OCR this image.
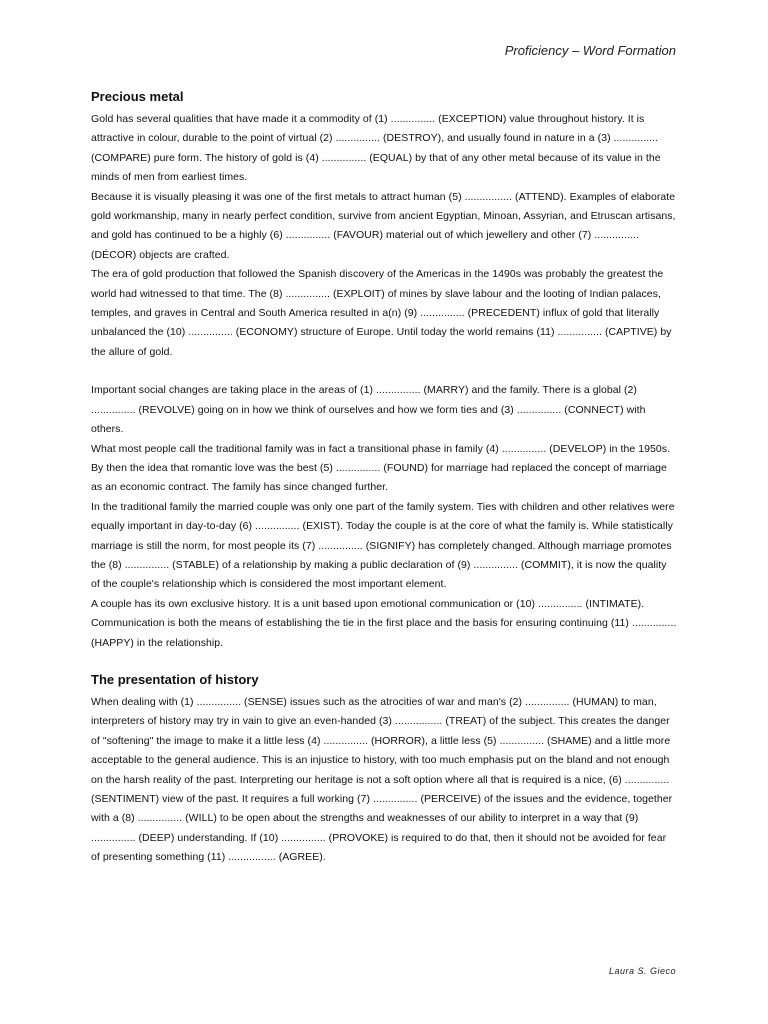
Proficiency – Word Formation
Precious metal

Gold has several qualities that have made it a commodity of (1) ............... (EXCEPTION) value throughout history. It is attractive in colour, durable to the point of virtual (2) ............... (DESTROY), and usually found in nature in a (3) ............... (COMPARE) pure form. The history of gold is (4) ............... (EQUAL) by that of any other metal because of its value in the minds of men from earliest times.

Because it is visually pleasing it was one of the first metals to attract human (5) ................ (ATTEND). Examples of elaborate gold workmanship, many in nearly perfect condition, survive from ancient Egyptian, Minoan, Assyrian, and Etruscan artisans, and gold has continued to be a highly (6) ............... (FAVOUR) material out of which jewellery and other (7) ............... (DÉCOR) objects are crafted.

The era of gold production that followed the Spanish discovery of the Americas in the 1490s was probably the greatest the world had witnessed to that time. The (8) ............... (EXPLOIT) of mines by slave labour and the looting of Indian palaces, temples, and graves in Central and South America resulted in a(n) (9) ............... (PRECEDENT) influx of gold that literally unbalanced the (10) ............... (ECONOMY) structure of Europe. Until today the world remains (11) ............... (CAPTIVE) by the allure of gold.

Important social changes are taking place in the areas of (1) ............... (MARRY) and the family. There is a global (2) ............... (REVOLVE) going on in how we think of ourselves and how we form ties and (3) ............... (CONNECT) with others.

What most people call the traditional family was in fact a transitional phase in family (4) ............... (DEVELOP) in the 1950s. By then the idea that romantic love was the best (5) ............... (FOUND) for marriage had replaced the concept of marriage as an economic contract. The family has since changed further.

In the traditional family the married couple was only one part of the family system. Ties with children and other relatives were equally important in day-to-day (6) ............... (EXIST). Today the couple is at the core of what the family is. While statistically marriage is still the norm, for most people its (7) ............... (SIGNIFY) has completely changed. Although marriage promotes the (8) ............... (STABLE) of a relationship by making a public declaration of (9) ............... (COMMIT), it is now the quality of the couple's relationship which is considered the most important element.

A couple has its own exclusive history. It is a unit based upon emotional communication or (10) ............... (INTIMATE). Communication is both the means of establishing the tie in the first place and the basis for ensuring continuing (11) ............... (HAPPY) in the relationship.

The presentation of history

When dealing with (1) ............... (SENSE) issues such as the atrocities of war and man's (2) ............... (HUMAN) to man, interpreters of history may try in vain to give an even-handed (3) ................ (TREAT) of the subject. This creates the danger of "softening" the image to make it a little less (4) ............... (HORROR), a little less (5) ............... (SHAME) and a little more acceptable to the general audience. This is an injustice to history, with too much emphasis put on the bland and not enough on the harsh reality of the past. Interpreting our heritage is not a soft option where all that is required is a nice, (6) ............... (SENTIMENT) view of the past. It requires a full working (7) ............... (PERCEIVE) of the issues and the evidence, together with a (8) ............... (WILL) to be open about the strengths and weaknesses of our ability to interpret in a way that (9) ............... (DEEP) understanding. If (10) ............... (PROVOKE) is required to do that, then it should not be avoided for fear of presenting something (11) ................ (AGREE).

Laura S. Gieco
